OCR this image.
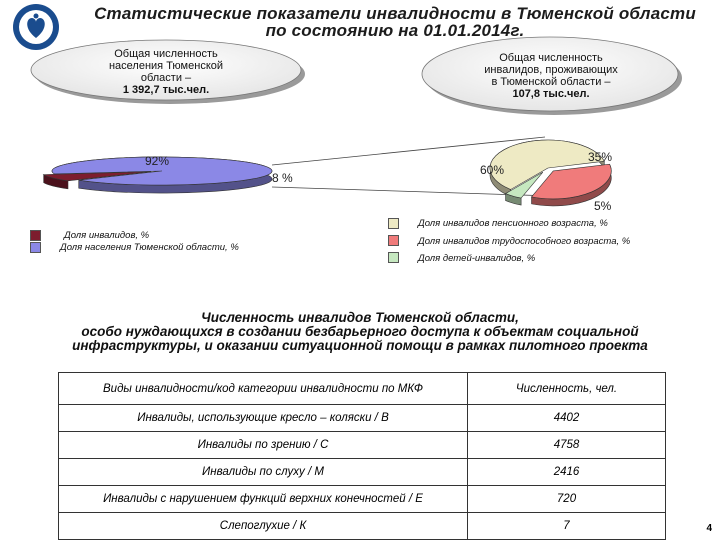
Статистические показатели инвалидности в Тюменской области
по состоянию на 01.01.2014г.
Общая численность
населения Тюменской
области –
1 392,7 тыс.чел.
Общая численность
инвалидов, проживающих
в Тюменской области –
107,8 тыс.чел.
92%
8 %
60%
35%
5%
Доля инвалидов, %
Доля населения Тюменской области, %
Доля инвалидов пенсионного возраста, %
Доля инвалидов трудоспособного возраста, %
Доля детей-инвалидов, %
Численность инвалидов Тюменской области,
особо нуждающихся в создании безбарьерного доступа к объектам социальной
инфраструктуры, и оказании ситуационной помощи в рамках пилотного проекта
Виды инвалидности/код категории инвалидности по МКФ	Численность, чел.
Инвалиды, использующие кресло – коляски / В	4402
Инвалиды по зрению / С	4758
Инвалиды по слуху / М	2416
Инвалиды с нарушением функций верхних конечностей / Е	720
Слепоглухие / К	7	4
